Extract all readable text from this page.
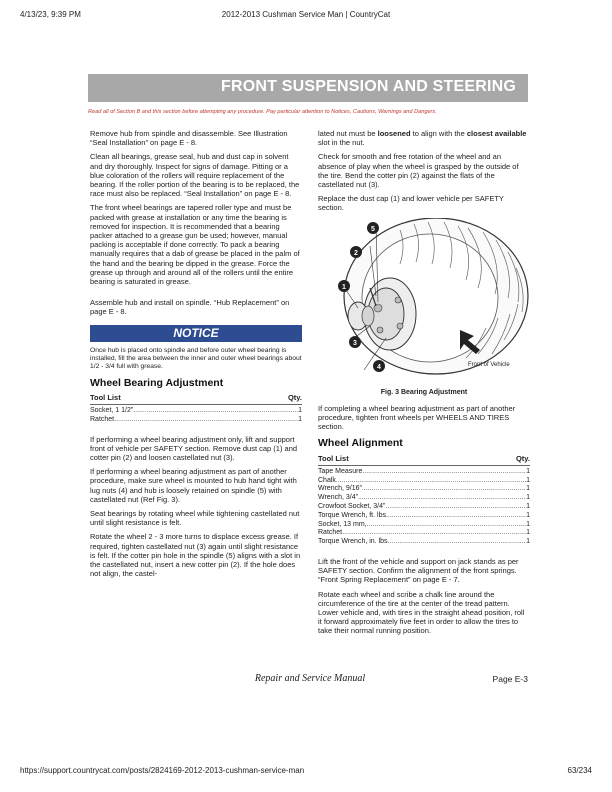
4/13/23, 9:39 PM	2012-2013 Cushman Service Man | CountryCat
FRONT SUSPENSION AND STEERING
Read all of Section B and this section before attempting any procedure. Pay particular attention to Notices, Cautions, Warnings and Dangers.

Remove hub from spindle and disassemble. See Illustration “Seal Installation” on page E - 8.

Clean all bearings, grease seal, hub and dust cap in solvent and dry thoroughly. Inspect for signs of damage. Pitting or a blue coloration of the rollers will require replacement of the bearing. If the roller portion of the bearing is to be replaced, the race must also be replaced. “Seal Installation” on page E - 8.

The front wheel bearings are tapered roller type and must be packed with grease at installation or any time the bearing is removed for inspection. It is recommended that a bearing packer attached to a grease gun be used; however, manual packing is acceptable if done correctly. To pack a bearing manually requires that a dab of grease be placed in the palm of the hand and the bearing be dipped in the grease. Force the grease up through and around all of the rollers until the entire bearing is saturated in grease.

Assemble hub and install on spindle. “Hub Replacement” on page E - 8.

NOTICE

Once hub is placed onto spindle and before outer wheel bearing is installed, fill the area between the inner and outer wheel bearings about 1/2 - 3/4 full with grease.

Wheel Bearing Adjustment
Tool List	Qty.
Socket, 1 1/2” .....	1
Ratchet .....	1

If performing a wheel bearing adjustment only, lift and support front of vehicle per SAFETY section. Remove dust cap (1) and cotter pin (2) and loosen castellated nut (3).

If performing a wheel bearing adjustment as part of another procedure, make sure wheel is mounted to hub hand tight with lug nuts (4) and hub is loosely retained on spindle (5) with castellated nut (Ref Fig. 3).

Seat bearings by rotating wheel while tightening castellated nut until slight resistance is felt.

Rotate the wheel 2 - 3 more turns to displace excess grease. If required, tighten castellated nut (3) again until slight resistance is felt. If the cotter pin hole in the spindle (5) aligns with a slot in the castellated nut, insert a new cotter pin (2). If the hole does not align, the castel-

lated nut must be loosened to align with the closest available slot in the nut.

Check for smooth and free rotation of the wheel and an absence of play when the wheel is grasped by the outside of the tire. Bend the cotter pin (2) against the flats of the castellated nut (3).

Replace the dust cap (1) and lower vehicle per SAFETY section.

5
2
1
3
4	Front of Vehicle
Fig. 3 Bearing Adjustment

If completing a wheel bearing adjustment as part of another procedure, tighten front wheels per WHEELS AND TIRES section.

Wheel Alignment
Tool List	Qty.
Tape Measure .....	1
Chalk .....	1
Wrench, 9/16” .....	1
Wrench, 3/4” .....	1
Crowfoot Socket, 3/4” .....	1
Torque Wrench, ft. lbs. .....	1
Socket, 13 mm, .....	1
Ratchet .....	1
Torque Wrench, in. lbs. .....	1

Lift the front of the vehicle and support on jack stands as per SAFETY section. Confirm the alignment of the front springs. “Front Spring Replacement” on page E - 7.

Rotate each wheel and scribe a chalk line around the circumference of the tire at the center of the tread pattern. Lower vehicle and, with tires in the straight ahead position, roll it forward approximately five feet in order to allow the tires to take their normal running position.

Repair and Service Manual	Page E-3
https://support.countrycat.com/posts/2824169-2012-2013-cushman-service-man	63/234
